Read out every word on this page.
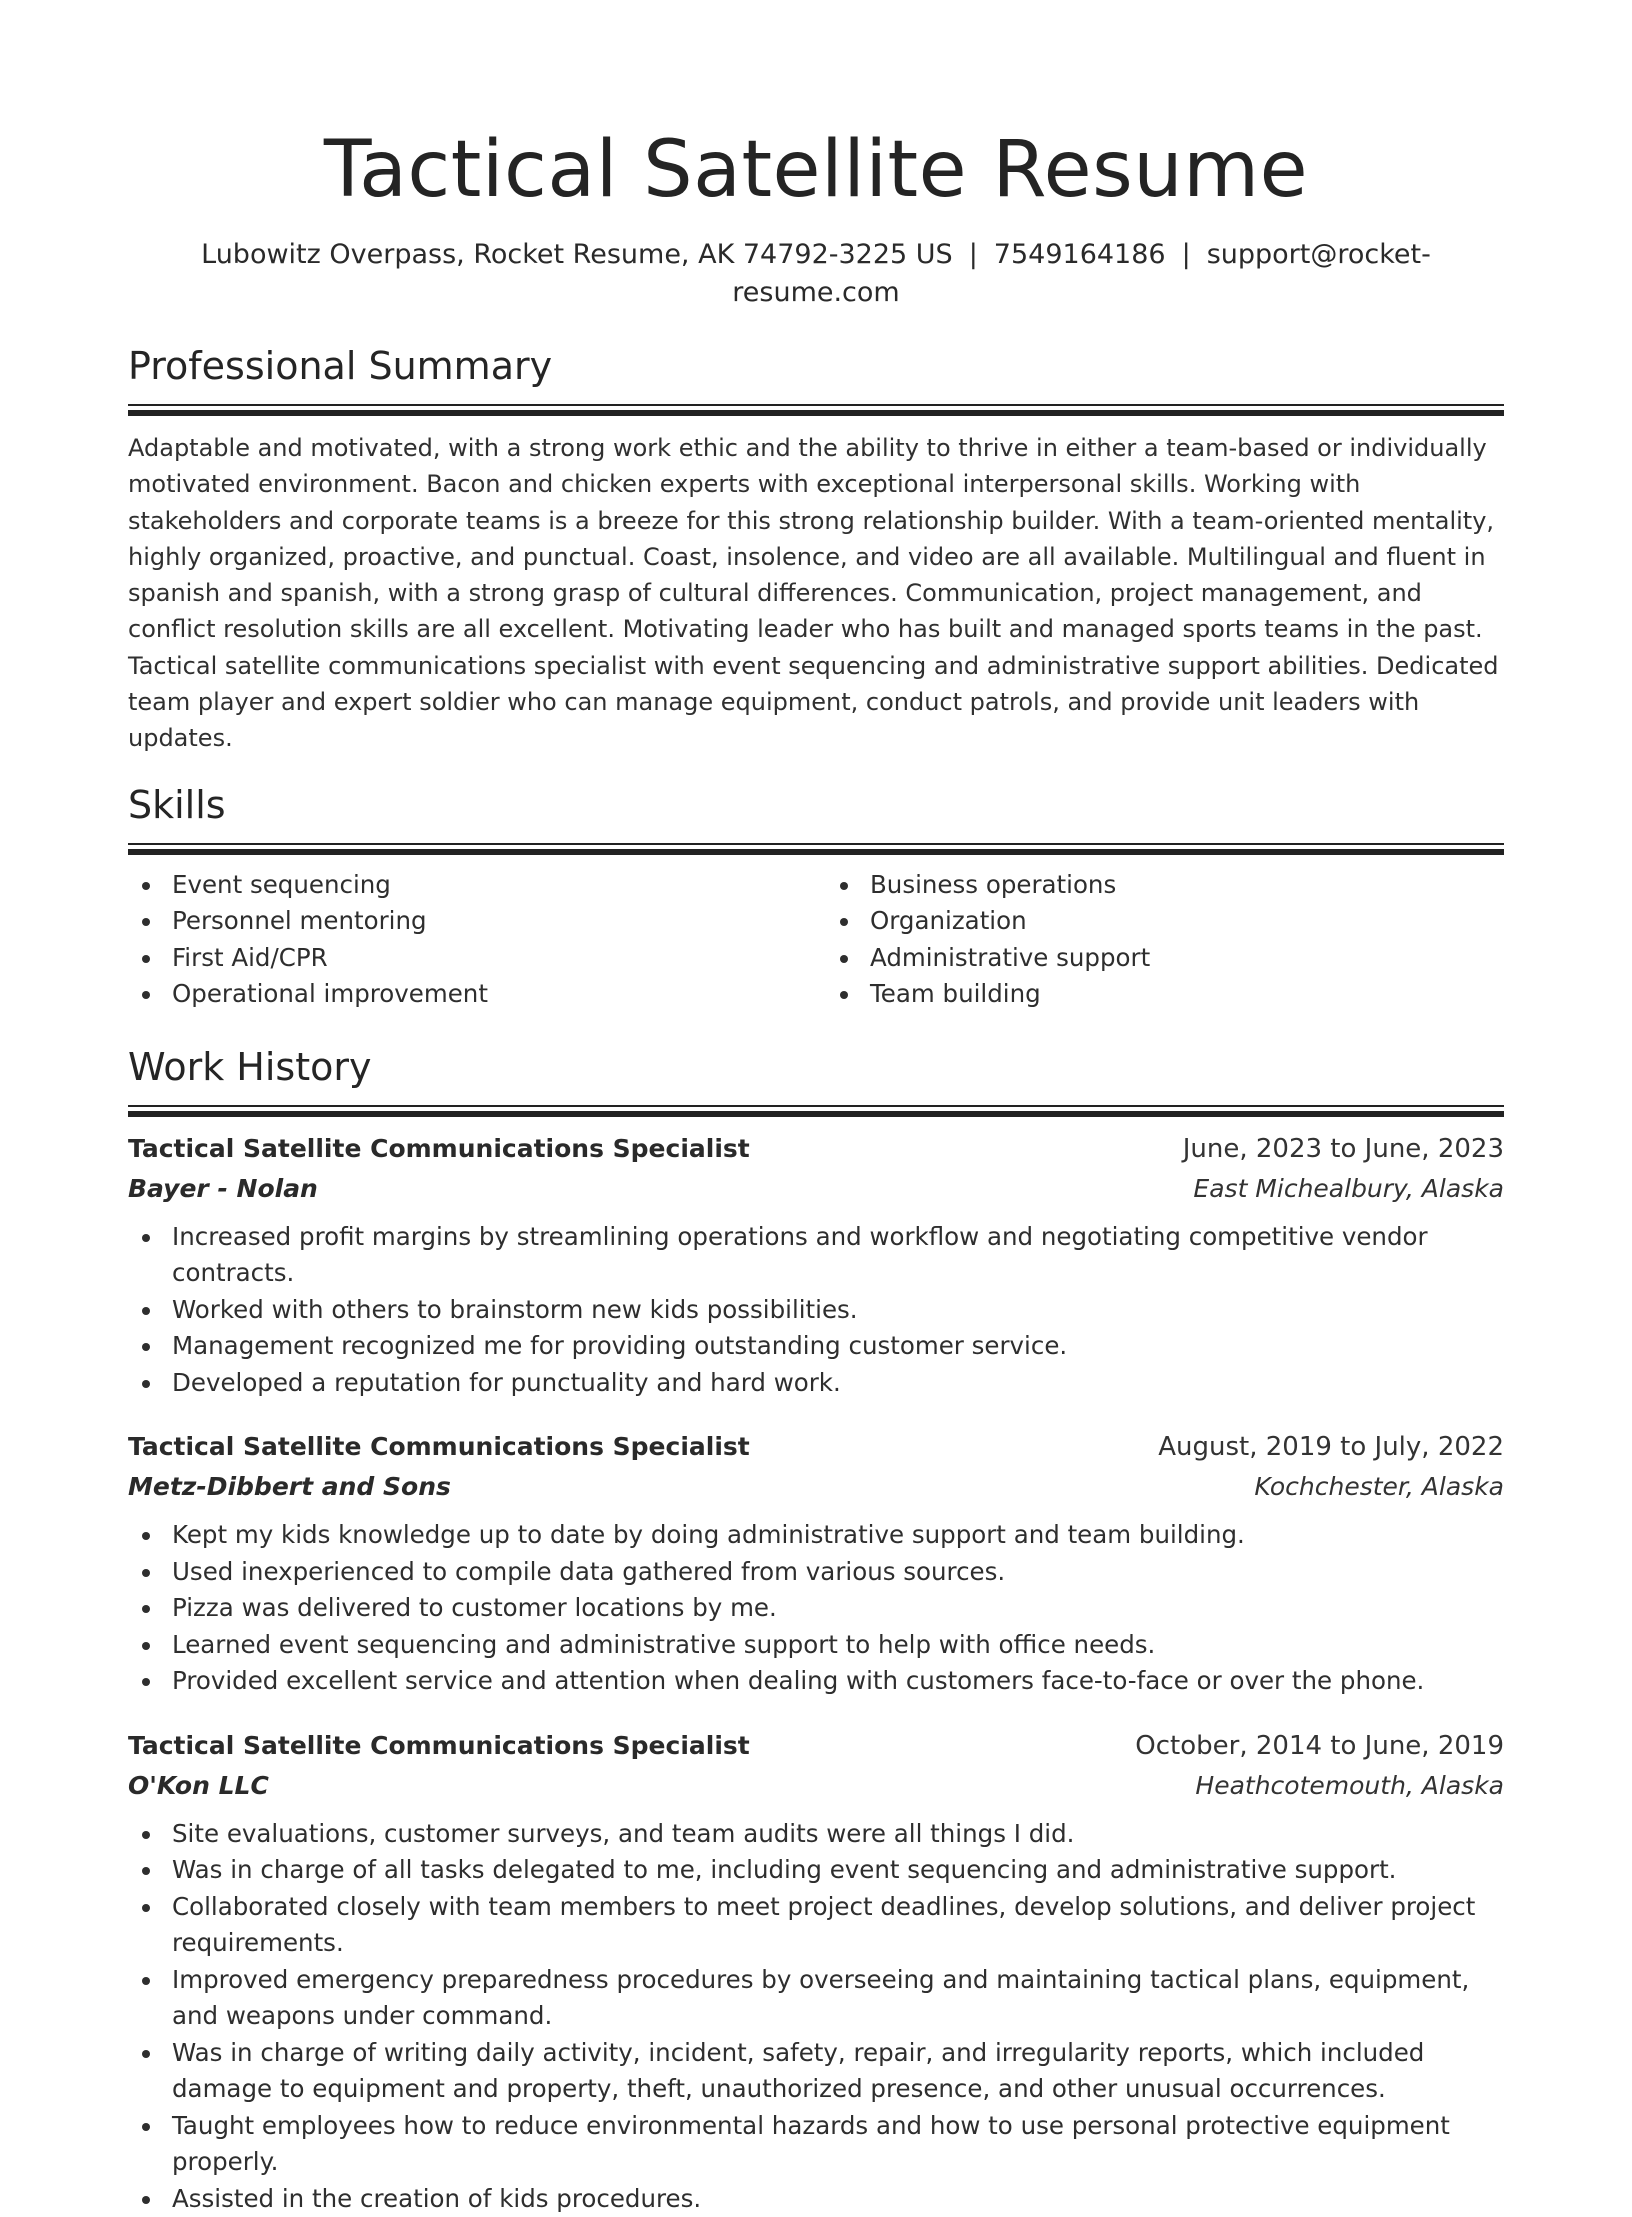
Tactical Satellite Resume
Lubowitz Overpass, Rocket Resume, AK 74792-3225 US | 7549164186 | support@rocket-resume.com
Professional Summary

Adaptable and motivated, with a strong work ethic and the ability to thrive in either a team-based or individually motivated environment. Bacon and chicken experts with exceptional interpersonal skills. Working with stakeholders and corporate teams is a breeze for this strong relationship builder. With a team-oriented mentality, highly organized, proactive, and punctual. Coast, insolence, and video are all available. Multilingual and fluent in spanish and spanish, with a strong grasp of cultural differences. Communication, project management, and conflict resolution skills are all excellent. Motivating leader who has built and managed sports teams in the past. Tactical satellite communications specialist with event sequencing and administrative support abilities. Dedicated team player and expert soldier who can manage equipment, conduct patrols, and provide unit leaders with updates.

Skills
Event sequencing	Business operations
Personnel mentoring	Organization
First Aid/CPR	Administrative support
Operational improvement	Team building
Work History
Tactical Satellite Communications Specialist	June, 2023 to June, 2023
Bayer - Nolan	East Michealbury, Alaska
Increased profit margins by streamlining operations and workflow and negotiating competitive vendor contracts.
Worked with others to brainstorm new kids possibilities.
Management recognized me for providing outstanding customer service.
Developed a reputation for punctuality and hard work.
Tactical Satellite Communications Specialist	August, 2019 to July, 2022
Metz-Dibbert and Sons	Kochchester, Alaska
Kept my kids knowledge up to date by doing administrative support and team building.
Used inexperienced to compile data gathered from various sources.
Pizza was delivered to customer locations by me.
Learned event sequencing and administrative support to help with office needs.
Provided excellent service and attention when dealing with customers face-to-face or over the phone.
Tactical Satellite Communications Specialist	October, 2014 to June, 2019
O'Kon LLC	Heathcotemouth, Alaska
Site evaluations, customer surveys, and team audits were all things I did.
Was in charge of all tasks delegated to me, including event sequencing and administrative support.
Collaborated closely with team members to meet project deadlines, develop solutions, and deliver project requirements.
Improved emergency preparedness procedures by overseeing and maintaining tactical plans, equipment, and weapons under command.
Was in charge of writing daily activity, incident, safety, repair, and irregularity reports, which included damage to equipment and property, theft, unauthorized presence, and other unusual occurrences.
Taught employees how to reduce environmental hazards and how to use personal protective equipment properly.
Assisted in the creation of kids procedures.
